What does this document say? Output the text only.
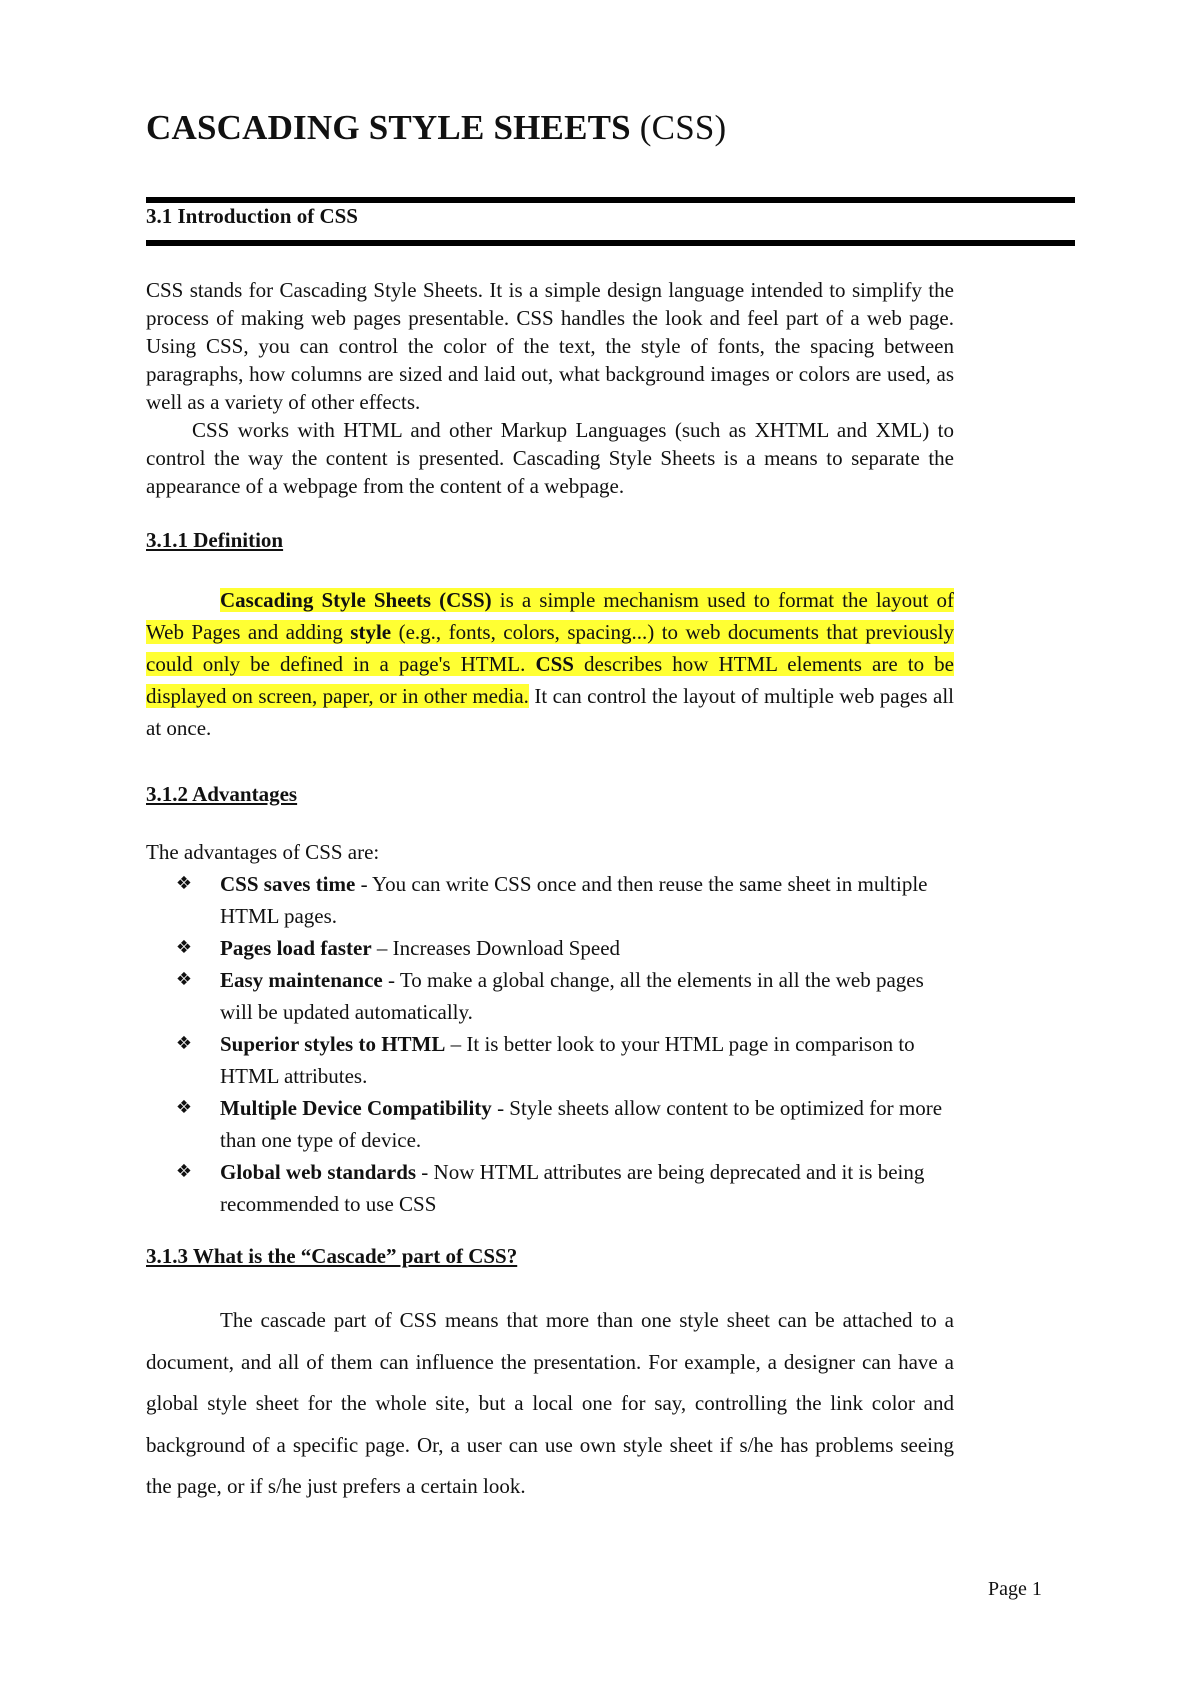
CASCADING STYLE SHEETS (CSS)
3.1 Introduction of CSS

CSS stands for Cascading Style Sheets. It is a simple design language intended to simplify the process of making web pages presentable. CSS handles the look and feel part of a web page. Using CSS, you can control the color of the text, the style of fonts, the spacing between paragraphs, how columns are sized and laid out, what background images or colors are used, as well as a variety of other effects.

CSS works with HTML and other Markup Languages (such as XHTML and XML) to control the way the content is presented. Cascading Style Sheets is a means to separate the appearance of a webpage from the content of a webpage.

3.1.1 Definition

Cascading Style Sheets (CSS) is a simple mechanism used to format the layout of Web Pages and adding style (e.g., fonts, colors, spacing...) to web documents that previously could only be defined in a page's HTML. CSS describes how HTML elements are to be displayed on screen, paper, or in other media. It can control the layout of multiple web pages all at once.

3.1.2 Advantages
The advantages of CSS are:
❖ CSS saves time - You can write CSS once and then reuse the same sheet in multiple HTML pages.
❖ Pages load faster – Increases Download Speed
❖ Easy maintenance - To make a global change, all the elements in all the web pages will be updated automatically.
❖ Superior styles to HTML – It is better look to your HTML page in comparison to HTML attributes.
❖ Multiple Device Compatibility - Style sheets allow content to be optimized for more than one type of device.
❖ Global web standards - Now HTML attributes are being deprecated and it is being recommended to use CSS
3.1.3 What is the “Cascade” part of CSS?

The cascade part of CSS means that more than one style sheet can be attached to a document, and all of them can influence the presentation. For example, a designer can have a global style sheet for the whole site, but a local one for say, controlling the link color and background of a specific page. Or, a user can use own style sheet if s/he has problems seeing the page, or if s/he just prefers a certain look.

Page 1
